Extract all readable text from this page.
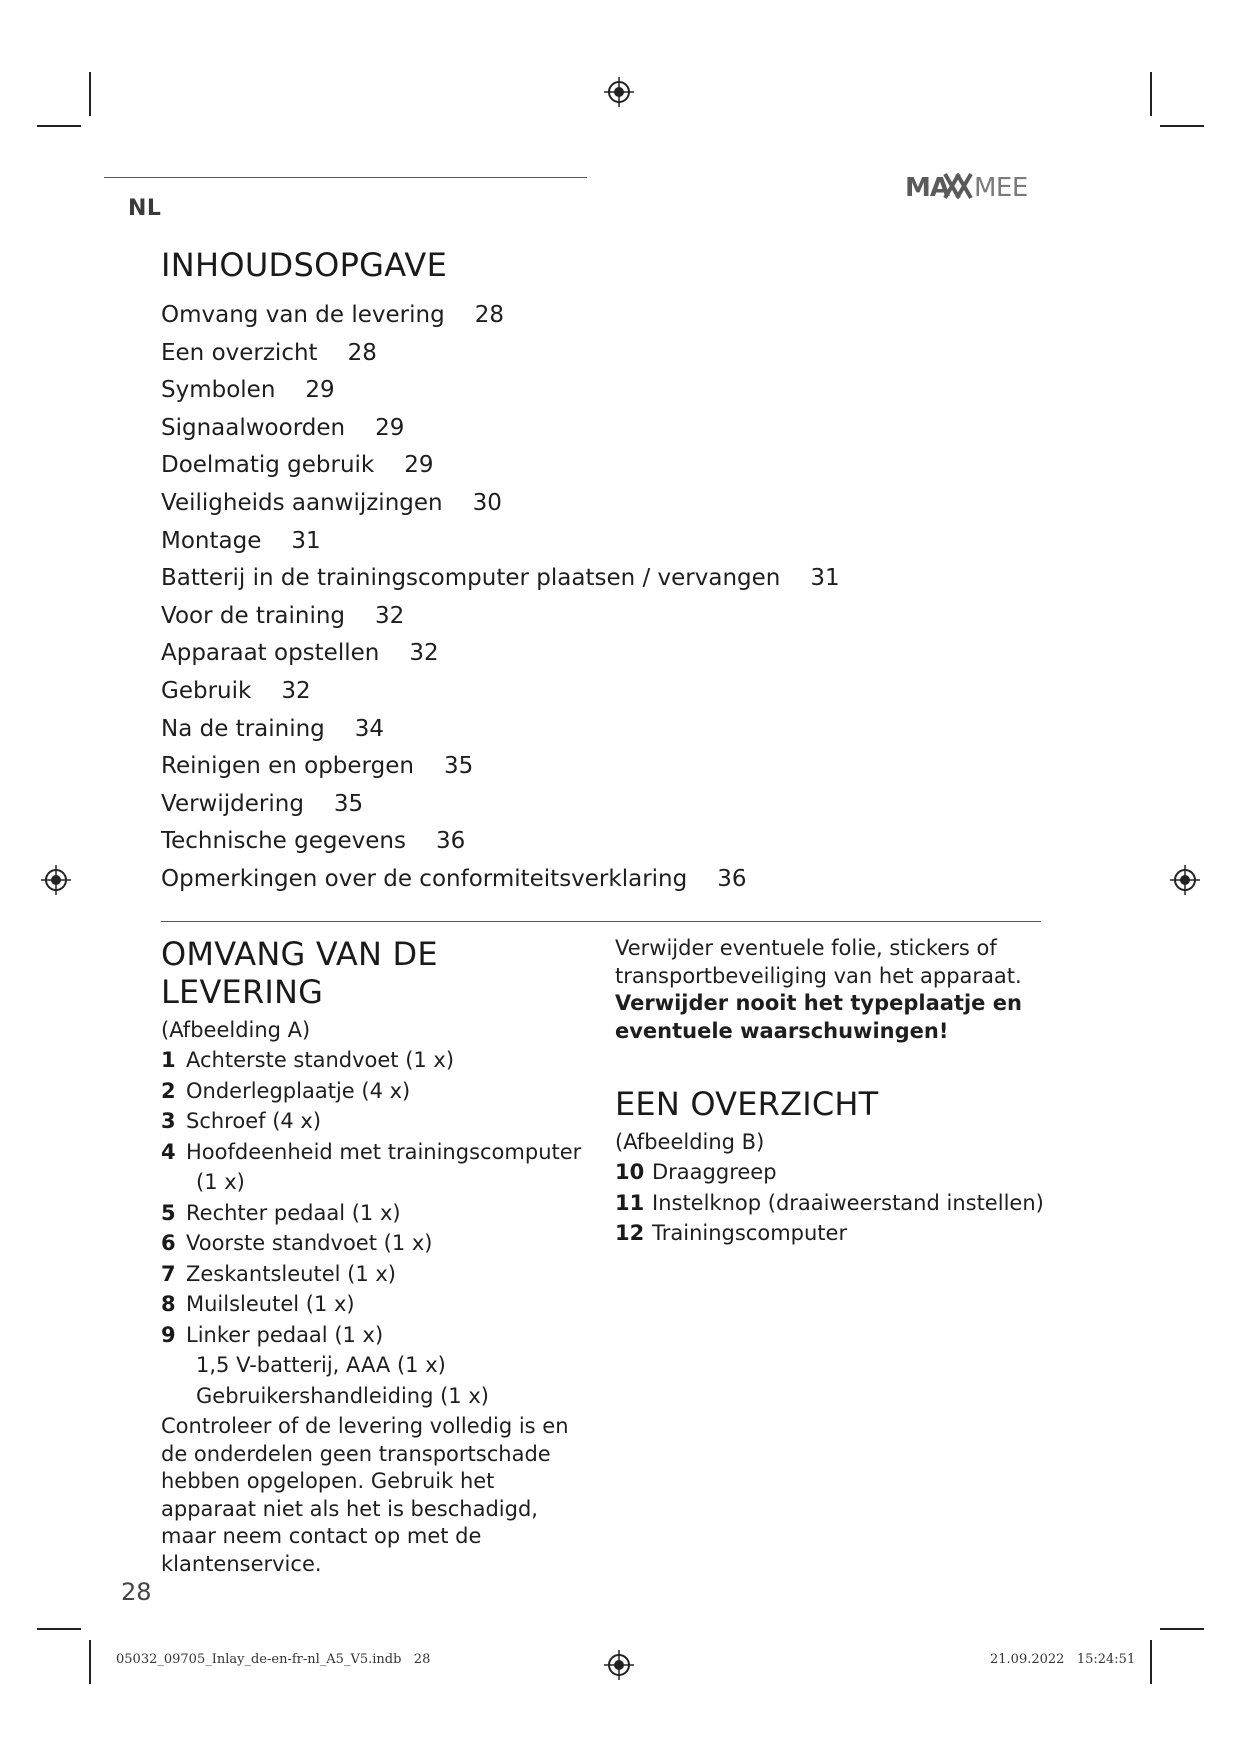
NL
MA MEE
INHOUDSOPGAVE
Omvang van de levering 28
Een overzicht 28
Symbolen 29
Signaalwoorden 29
Doelmatig gebruik 29
Veiligheids aanwijzingen 30
Montage 31
Batterij in de trainingscomputer plaatsen / vervangen 31
Voor de training 32
Apparaat opstellen 32
Gebruik 32
Na de training 34
Reinigen en opbergen 35
Verwijdering 35
Technische gegevens 36
Opmerkingen over de conformiteitsverklaring 36
OMVANG VAN DE
LEVERING
(Afbeelding A)
1 Achterste standvoet (1 x)
2 Onderlegplaatje (4 x)
3 Schroef (4 x)
4 Hoofdeenheid met trainingscomputer
(1 x)
5 Rechter pedaal (1 x)
6 Voorste standvoet (1 x)
7 Zeskantsleutel (1 x)
8 Muilsleutel (1 x)
9 Linker pedaal (1 x)
1,5 V-batterij, AAA (1 x)
Gebruikershandleiding (1 x)

Controleer of de levering volledig is en de onderdelen geen transportschade hebben opgelopen. Gebruik het apparaat niet als het is beschadigd, maar neem contact op met de klantenservice.

Verwijder eventuele folie, stickers of transportbeveiliging van het apparaat.

Verwijder nooit het typeplaatje en eventuele waarschuwingen!

EEN OVERZICHT
(Afbeelding B)
10 Draaggreep
11 Instelknop (draaiweerstand instellen)
12 Trainingscomputer
28
05032_09705_Inlay_de-en-fr-nl_A5_V5.indb   28	21.09.2022   15:24:51
